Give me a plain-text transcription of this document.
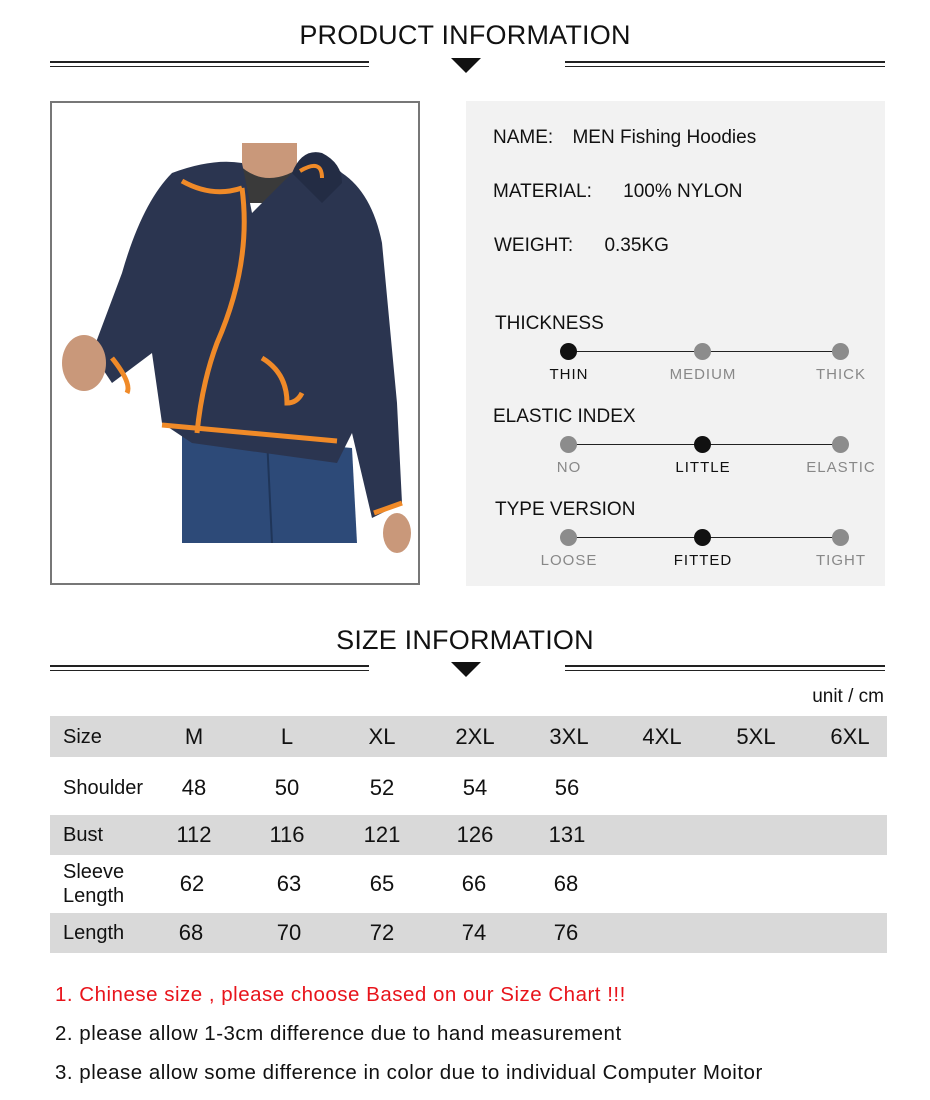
PRODUCT INFORMATION
NAME: MEN Fishing Hoodies
MATERIAL: 100% NYLON
WEIGHT: 0.35KG
THICKNESS
THIN	MEDIUM	THICK
ELASTIC INDEX
NO	LITTLE	ELASTIC
TYPE VERSION
LOOSE	FITTED	TIGHT
SIZE INFORMATION
unit / cm
Size	M	L	XL	2XL	3XL	4XL	5XL	6XL
Shoulder	48	50	52	54	56
Bust	112	116	121	126	131
Sleeve Length	62	63	65	66	68
Length	68	70	72	74	76
1. Chinese size , please choose Based on our Size Chart !!!
2. please allow 1-3cm difference due to hand measurement
3. please allow some difference in color due to individual Computer Moitor
